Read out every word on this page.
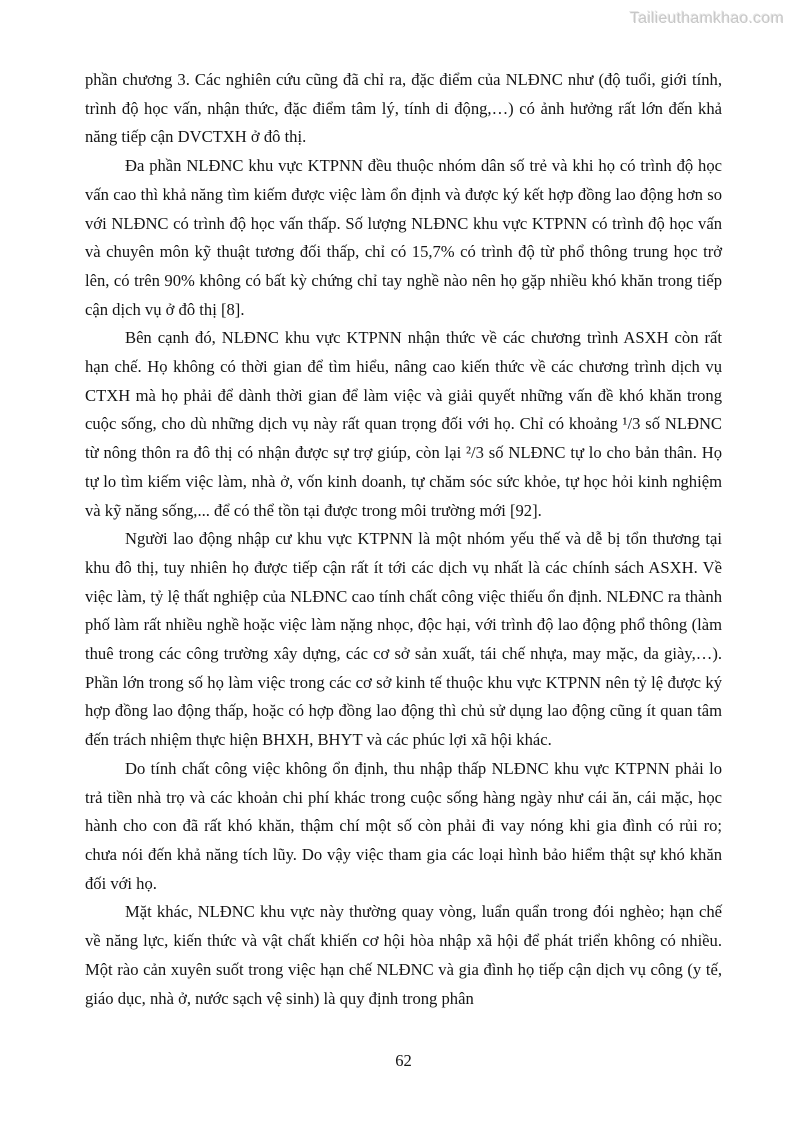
Tailieuthamkhao.com

phần chương 3. Các nghiên cứu cũng đã chỉ ra, đặc điểm của NLĐNC như (độ tuổi, giới tính, trình độ học vấn, nhận thức, đặc điểm tâm lý, tính di động,…) có ảnh hưởng rất lớn đến khả năng tiếp cận DVCTXH ở đô thị.

Đa phần NLĐNC khu vực KTPNN đều thuộc nhóm dân số trẻ và khi họ có trình độ học vấn cao thì khả năng tìm kiếm được việc làm ổn định và được ký kết hợp đồng lao động hơn so với NLĐNC có trình độ học vấn thấp. Số lượng NLĐNC khu vực KTPNN có trình độ học vấn và chuyên môn kỹ thuật tương đối thấp, chỉ có 15,7% có trình độ từ phổ thông trung học trở lên, có trên 90% không có bất kỳ chứng chỉ tay nghề nào nên họ gặp nhiều khó khăn trong tiếp cận dịch vụ ở đô thị [8].

Bên cạnh đó, NLĐNC khu vực KTPNN nhận thức về các chương trình ASXH còn rất hạn chế. Họ không có thời gian để tìm hiểu, nâng cao kiến thức về các chương trình dịch vụ CTXH mà họ phải để dành thời gian để làm việc và giải quyết những vấn đề khó khăn trong cuộc sống, cho dù những dịch vụ này rất quan trọng đối với họ. Chỉ có khoảng ¹/3 số NLĐNC từ nông thôn ra đô thị có nhận được sự trợ giúp, còn lại ²/3 số NLĐNC tự lo cho bản thân. Họ tự lo tìm kiếm việc làm, nhà ở, vốn kinh doanh, tự chăm sóc sức khỏe, tự học hỏi kinh nghiệm và kỹ năng sống,... để có thể tồn tại được trong môi trường mới [92].

Người lao động nhập cư khu vực KTPNN là một nhóm yếu thế và dễ bị tổn thương tại khu đô thị, tuy nhiên họ được tiếp cận rất ít tới các dịch vụ nhất là các chính sách ASXH. Về việc làm, tỷ lệ thất nghiệp của NLĐNC cao tính chất công việc thiếu ổn định. NLĐNC ra thành phố làm rất nhiều nghề hoặc việc làm nặng nhọc, độc hại, với trình độ lao động phổ thông (làm thuê trong các công trường xây dựng, các cơ sở sản xuất, tái chế nhựa, may mặc, da giày,…). Phần lớn trong số họ làm việc trong các cơ sở kinh tế thuộc khu vực KTPNN nên tỷ lệ được ký hợp đồng lao động thấp, hoặc có hợp đồng lao động thì chủ sử dụng lao động cũng ít quan tâm đến trách nhiệm thực hiện BHXH, BHYT và các phúc lợi xã hội khác.

Do tính chất công việc không ổn định, thu nhập thấp NLĐNC khu vực KTPNN phải lo trả tiền nhà trọ và các khoản chi phí khác trong cuộc sống hàng ngày như cái ăn, cái mặc, học hành cho con đã rất khó khăn, thậm chí một số còn phải đi vay nóng khi gia đình có rủi ro; chưa nói đến khả năng tích lũy. Do vậy việc tham gia các loại hình bảo hiểm thật sự khó khăn đối với họ.

Mặt khác, NLĐNC khu vực này thường quay vòng, luẩn quẩn trong đói nghèo; hạn chế về năng lực, kiến thức và vật chất khiến cơ hội hòa nhập xã hội để phát triển không có nhiều. Một rào cản xuyên suốt trong việc hạn chế NLĐNC và gia đình họ tiếp cận dịch vụ công (y tế, giáo dục, nhà ở, nước sạch vệ sinh) là quy định trong phân

62
